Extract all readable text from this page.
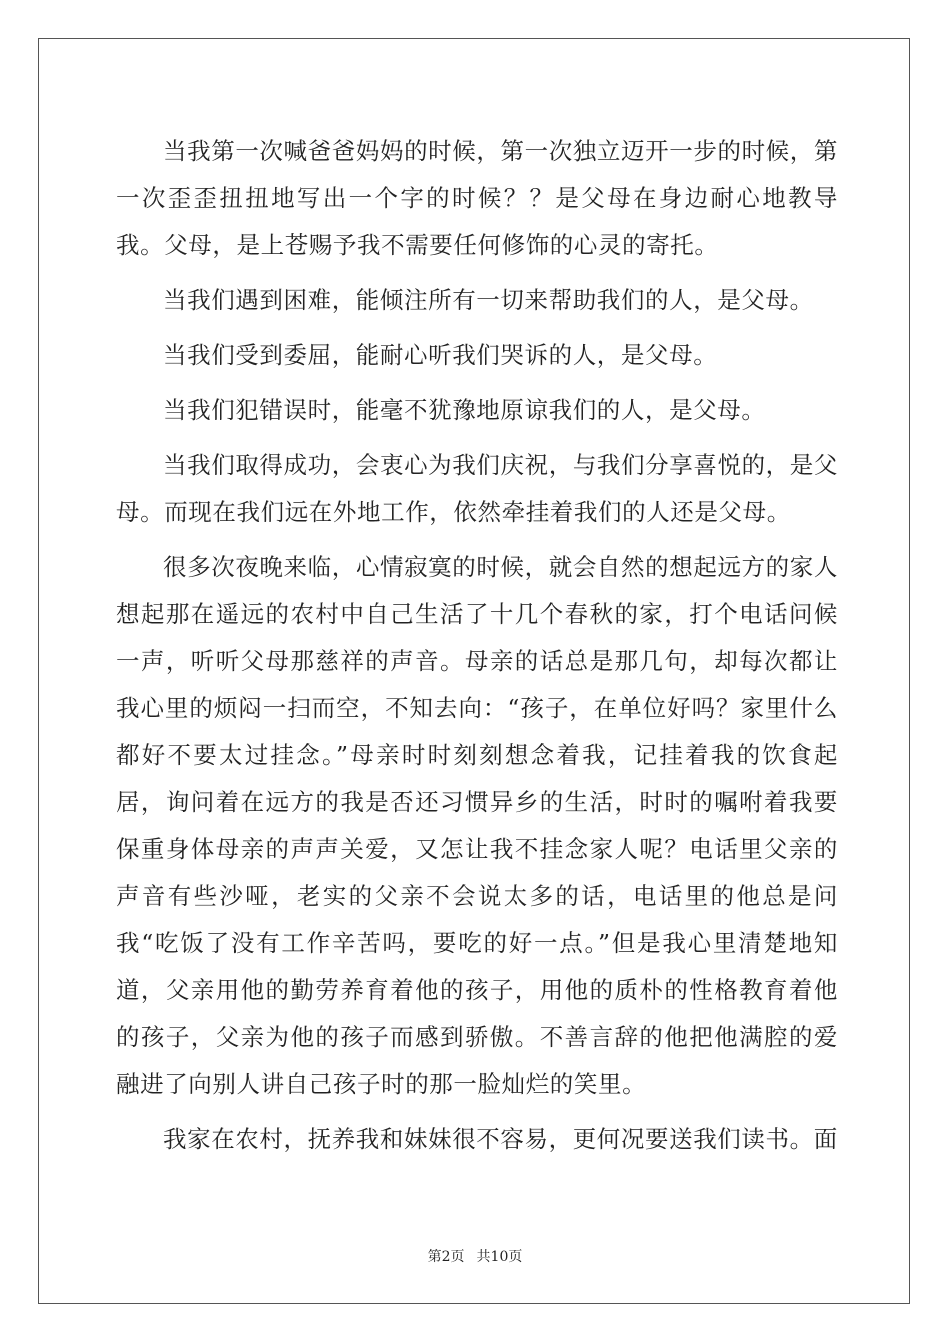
当我第一次喊爸爸妈妈的时候，第一次独立迈开一步的时候，第一次歪歪扭扭地写出一个字的时候？？是父母在身边耐心地教导我。父母，是上苍赐予我不需要任何修饰的心灵的寄托。

当我们遇到困难，能倾注所有一切来帮助我们的人，是父母。

当我们受到委屈，能耐心听我们哭诉的人，是父母。

当我们犯错误时，能毫不犹豫地原谅我们的人，是父母。

当我们取得成功，会衷心为我们庆祝，与我们分享喜悦的，是父母。而现在我们远在外地工作，依然牵挂着我们的人还是父母。

很多次夜晚来临，心情寂寞的时候，就会自然的想起远方的家人想起那在遥远的农村中自己生活了十几个春秋的家，打个电话问候一声，听听父母那慈祥的声音。母亲的话总是那几句，却每次都让我心里的烦闷一扫而空，不知去向：“孩子，在单位好吗？家里什么都好不要太过挂念。”母亲时时刻刻想念着我，记挂着我的饮食起居，询问着在远方的我是否还习惯异乡的生活，时时的嘱咐着我要保重身体母亲的声声关爱，又怎让我不挂念家人呢？电话里父亲的声音有些沙哑，老实的父亲不会说太多的话，电话里的他总是问我“吃饭了没有工作辛苦吗，要吃的好一点。”但是我心里清楚地知道，父亲用他的勤劳养育着他的孩子，用他的质朴的性格教育着他的孩子，父亲为他的孩子而感到骄傲。不善言辞的他把他满腔的爱融进了向别人讲自己孩子时的那一脸灿烂的笑里。

我家在农村，抚养我和妹妹很不容易，更何况要送我们读书。面

第2页 共10页
